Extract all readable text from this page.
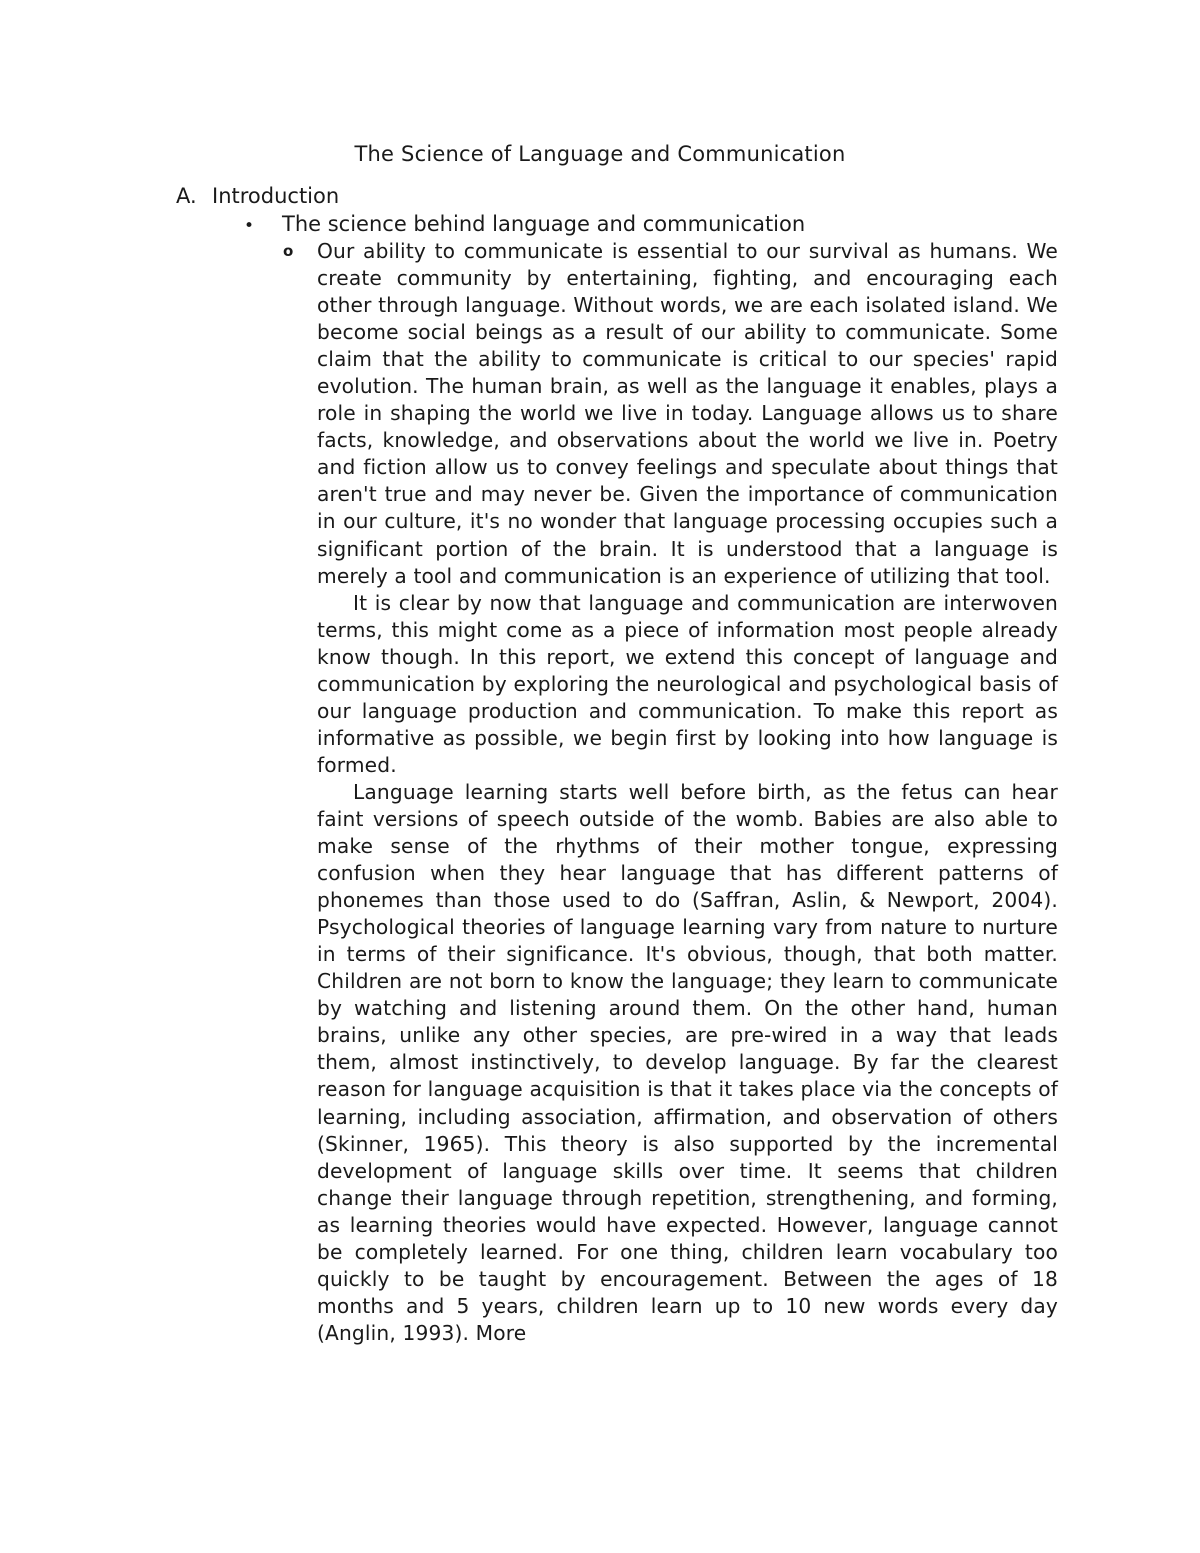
The Science of Language and Communication
A. Introduction
• The science behind language and communication
o Our ability to communicate is essential to our survival as humans. We create community by entertaining, fighting, and encouraging each other through language. Without words, we are each isolated island. We become social beings as a result of our ability to communicate. Some claim that the ability to communicate is critical to our species' rapid evolution. The human brain, as well as the language it enables, plays a role in shaping the world we live in today. Language allows us to share facts, knowledge, and observations about the world we live in. Poetry and fiction allow us to convey feelings and speculate about things that aren't true and may never be. Given the importance of communication in our culture, it's no wonder that language processing occupies such a significant portion of the brain. It is understood that a language is merely a tool and communication is an experience of utilizing that tool.

It is clear by now that language and communication are interwoven terms, this might come as a piece of information most people already know though. In this report, we extend this concept of language and communication by exploring the neurological and psychological basis of our language production and communication. To make this report as informative as possible, we begin first by looking into how language is formed.

Language learning starts well before birth, as the fetus can hear faint versions of speech outside of the womb. Babies are also able to make sense of the rhythms of their mother tongue, expressing confusion when they hear language that has different patterns of phonemes than those used to do (Saffran, Aslin, & Newport, 2004). Psychological theories of language learning vary from nature to nurture in terms of their significance. It's obvious, though, that both matter. Children are not born to know the language; they learn to communicate by watching and listening around them. On the other hand, human brains, unlike any other species, are pre-wired in a way that leads them, almost instinctively, to develop language. By far the clearest reason for language acquisition is that it takes place via the concepts of learning, including association, affirmation, and observation of others (Skinner, 1965). This theory is also supported by the incremental development of language skills over time. It seems that children change their language through repetition, strengthening, and forming, as learning theories would have expected. However, language cannot be completely learned. For one thing, children learn vocabulary too quickly to be taught by encouragement. Between the ages of 18 months and 5 years, children learn up to 10 new words every day (Anglin, 1993). More
